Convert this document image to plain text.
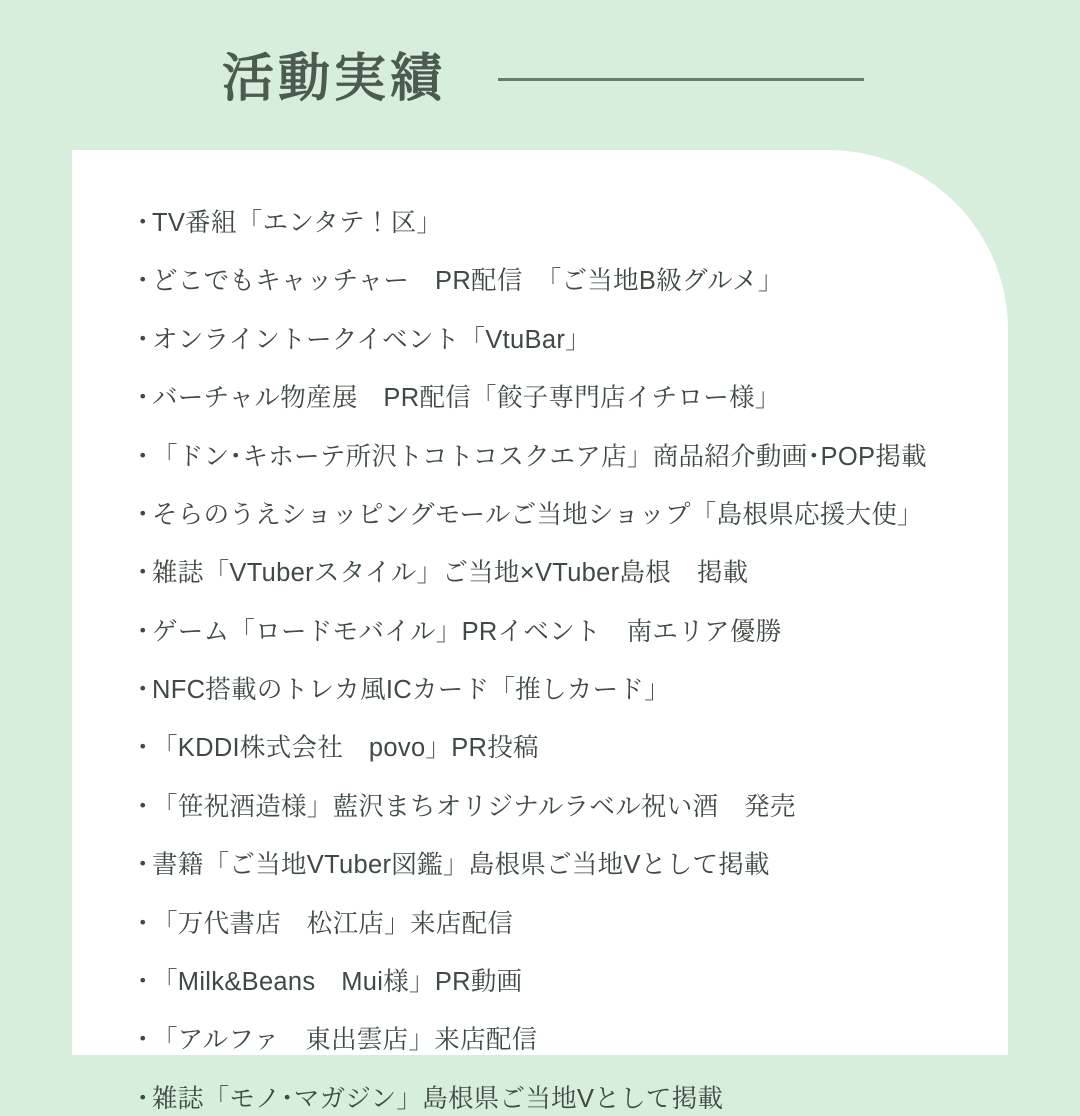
活動実績
・
TV番組「エンタテ！区」
・
どこでもキャッチャー　PR配信　「ご当地B級グルメ」
・
オンライントークイベント「VtuBar」
・
バーチャル物産展　PR配信「餃子専門店イチロー様」
・
「ドン･キホーテ所沢トコトコスクエア店」商品紹介動画･POP掲載
・
そらのうえショッピングモールご当地ショップ「島根県応援大使」
・
雑誌「VTuberスタイル」ご当地×VTuber島根　掲載
・
ゲーム「ロードモバイル」PRイベント　南エリア優勝
・
NFC搭載のトレカ風ICカード「推しカード」
・
「KDDI株式会社　povo」PR投稿
・
「笹祝酒造様」藍沢まちオリジナルラベル祝い酒　発売
・
書籍「ご当地VTuber図鑑」島根県ご当地Vとして掲載
・
「万代書店　松江店」来店配信
・
「Milk&Beans　Mui様」PR動画
・
「アルファ　東出雲店」来店配信
・
雑誌「モノ･マガジン」島根県ご当地Vとして掲載
